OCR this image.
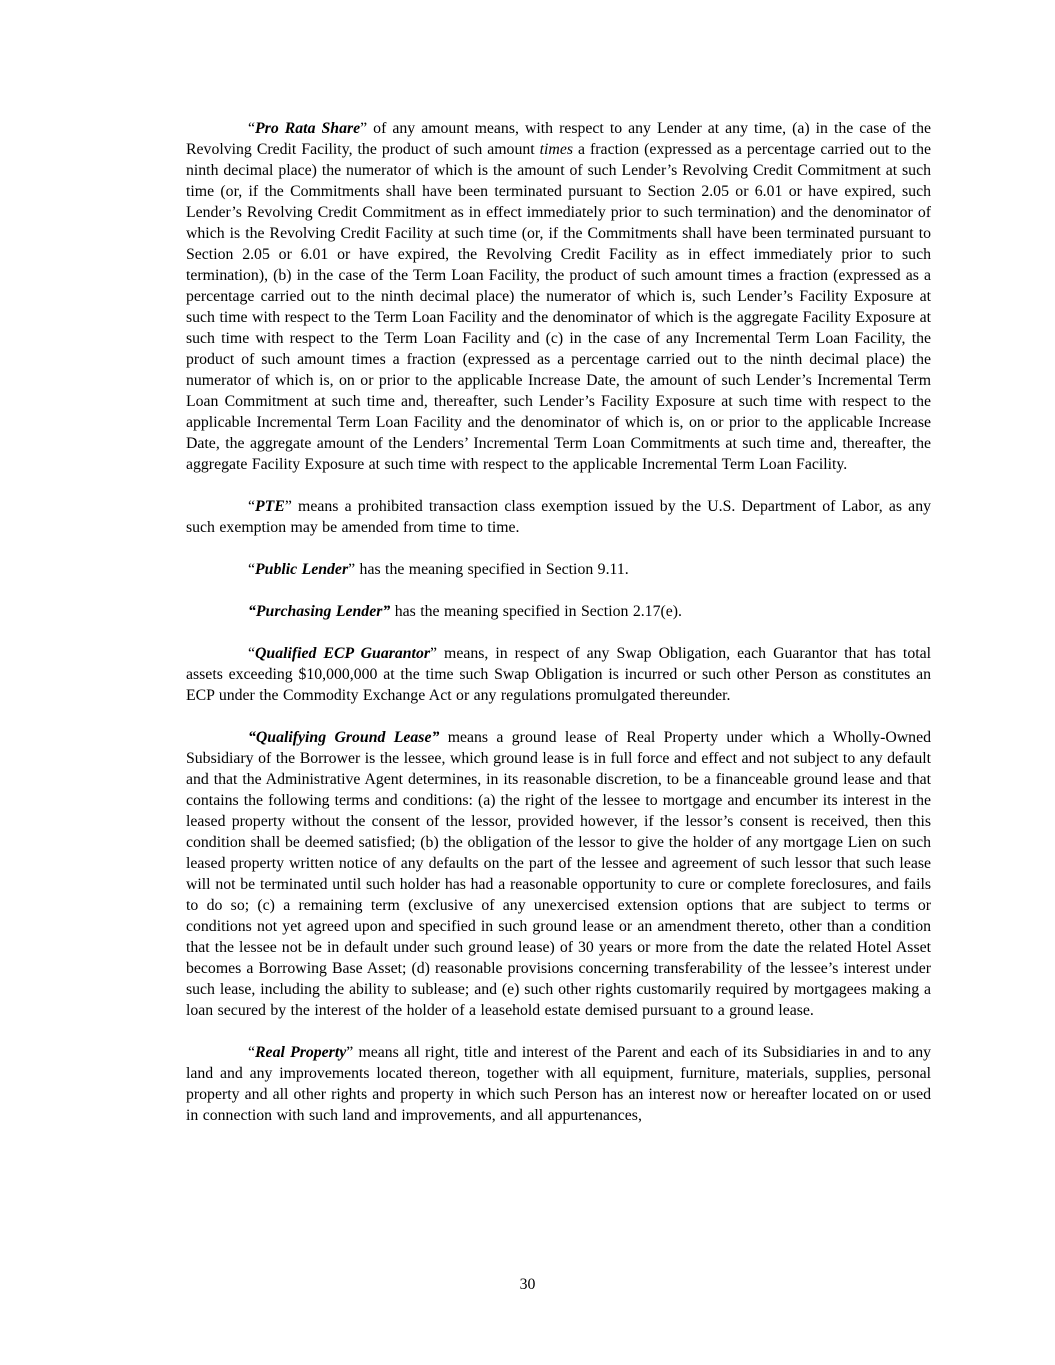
“Pro Rata Share” of any amount means, with respect to any Lender at any time, (a) in the case of the Revolving Credit Facility, the product of such amount times a fraction (expressed as a percentage carried out to the ninth decimal place) the numerator of which is the amount of such Lender’s Revolving Credit Commitment at such time (or, if the Commitments shall have been terminated pursuant to Section 2.05 or 6.01 or have expired, such Lender’s Revolving Credit Commitment as in effect immediately prior to such termination) and the denominator of which is the Revolving Credit Facility at such time (or, if the Commitments shall have been terminated pursuant to Section 2.05 or 6.01 or have expired, the Revolving Credit Facility as in effect immediately prior to such termination), (b) in the case of the Term Loan Facility, the product of such amount times a fraction (expressed as a percentage carried out to the ninth decimal place) the numerator of which is, such Lender’s Facility Exposure at such time with respect to the Term Loan Facility and the denominator of which is the aggregate Facility Exposure at such time with respect to the Term Loan Facility and (c) in the case of any Incremental Term Loan Facility, the product of such amount times a fraction (expressed as a percentage carried out to the ninth decimal place) the numerator of which is, on or prior to the applicable Increase Date, the amount of such Lender’s Incremental Term Loan Commitment at such time and, thereafter, such Lender’s Facility Exposure at such time with respect to the applicable Incremental Term Loan Facility and the denominator of which is, on or prior to the applicable Increase Date, the aggregate amount of the Lenders’ Incremental Term Loan Commitments at such time and, thereafter, the aggregate Facility Exposure at such time with respect to the applicable Incremental Term Loan Facility.

“PTE” means a prohibited transaction class exemption issued by the U.S. Department of Labor, as any such exemption may be amended from time to time.

“Public Lender” has the meaning specified in Section 9.11.

“Purchasing Lender” has the meaning specified in Section 2.17(e).

“Qualified ECP Guarantor” means, in respect of any Swap Obligation, each Guarantor that has total assets exceeding $10,000,000 at the time such Swap Obligation is incurred or such other Person as constitutes an ECP under the Commodity Exchange Act or any regulations promulgated thereunder.

“Qualifying Ground Lease” means a ground lease of Real Property under which a Wholly-Owned Subsidiary of the Borrower is the lessee, which ground lease is in full force and effect and not subject to any default and that the Administrative Agent determines, in its reasonable discretion, to be a financeable ground lease and that contains the following terms and conditions: (a) the right of the lessee to mortgage and encumber its interest in the leased property without the consent of the lessor, provided however, if the lessor’s consent is received, then this condition shall be deemed satisfied; (b) the obligation of the lessor to give the holder of any mortgage Lien on such leased property written notice of any defaults on the part of the lessee and agreement of such lessor that such lease will not be terminated until such holder has had a reasonable opportunity to cure or complete foreclosures, and fails to do so; (c) a remaining term (exclusive of any unexercised extension options that are subject to terms or conditions not yet agreed upon and specified in such ground lease or an amendment thereto, other than a condition that the lessee not be in default under such ground lease) of 30 years or more from the date the related Hotel Asset becomes a Borrowing Base Asset; (d) reasonable provisions concerning transferability of the lessee’s interest under such lease, including the ability to sublease; and (e) such other rights customarily required by mortgagees making a loan secured by the interest of the holder of a leasehold estate demised pursuant to a ground lease.

“Real Property” means all right, title and interest of the Parent and each of its Subsidiaries in and to any land and any improvements located thereon, together with all equipment, furniture, materials, supplies, personal property and all other rights and property in which such Person has an interest now or hereafter located on or used in connection with such land and improvements, and all appurtenances,

30
